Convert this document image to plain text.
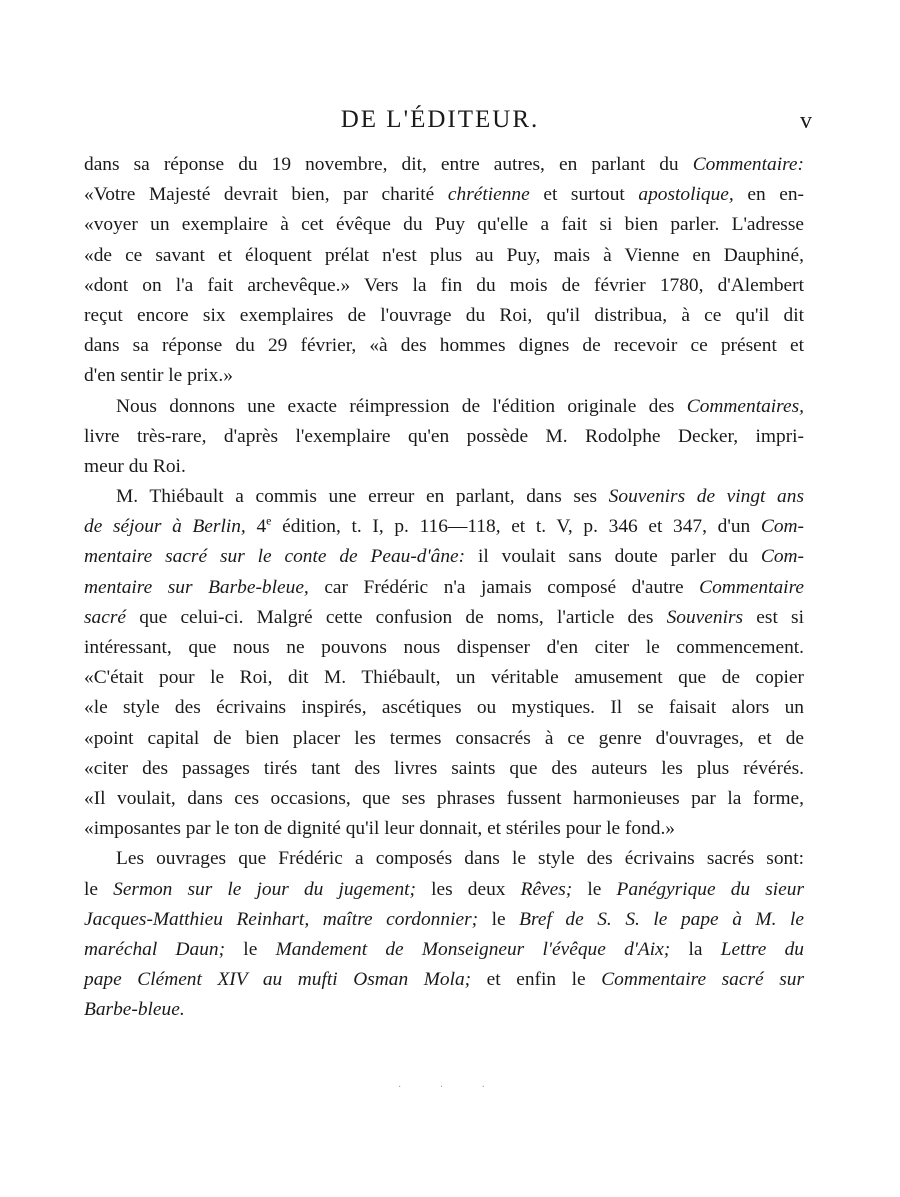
DE L'ÉDITEUR.	v
dans sa réponse du 19 novembre, dit, entre autres, en parlant du Commentaire:
«Votre Majesté devrait bien, par charité chrétienne et surtout apostolique, en en-
«voyer un exemplaire à cet évêque du Puy qu'elle a fait si bien parler. L'adresse
«de ce savant et éloquent prélat n'est plus au Puy, mais à Vienne en Dauphiné,
«dont on l'a fait archevêque.» Vers la fin du mois de février 1780, d'Alembert
reçut encore six exemplaires de l'ouvrage du Roi, qu'il distribua, à ce qu'il dit
dans sa réponse du 29 février, «à des hommes dignes de recevoir ce présent et
d'en sentir le prix.»
Nous donnons une exacte réimpression de l'édition originale des Commentaires,
livre très-rare, d'après l'exemplaire qu'en possède M. Rodolphe Decker, impri-
meur du Roi.
M. Thiébault a commis une erreur en parlant, dans ses Souvenirs de vingt ans
de séjour à Berlin, 4e édition, t. I, p. 116—118, et t. V, p. 346 et 347, d'un Com-
mentaire sacré sur le conte de Peau-d'âne: il voulait sans doute parler du Com-
mentaire sur Barbe-bleue, car Frédéric n'a jamais composé d'autre Commentaire
sacré que celui-ci. Malgré cette confusion de noms, l'article des Souvenirs est si
intéressant, que nous ne pouvons nous dispenser d'en citer le commencement.
«C'était pour le Roi, dit M. Thiébault, un véritable amusement que de copier
«le style des écrivains inspirés, ascétiques ou mystiques. Il se faisait alors un
«point capital de bien placer les termes consacrés à ce genre d'ouvrages, et de
«citer des passages tirés tant des livres saints que des auteurs les plus révérés.
«Il voulait, dans ces occasions, que ses phrases fussent harmonieuses par la forme,
«imposantes par le ton de dignité qu'il leur donnait, et stériles pour le fond.»
Les ouvrages que Frédéric a composés dans le style des écrivains sacrés sont:
le Sermon sur le jour du jugement; les deux Rêves; le Panégyrique du sieur
Jacques-Matthieu Reinhart, maître cordonnier; le Bref de S. S. le pape à M. le
maréchal Daun; le Mandement de Monseigneur l'évêque d'Aix; la Lettre du
pape Clément XIV au mufti Osman Mola; et enfin le Commentaire sacré sur
Barbe-bleue.
· · ·
